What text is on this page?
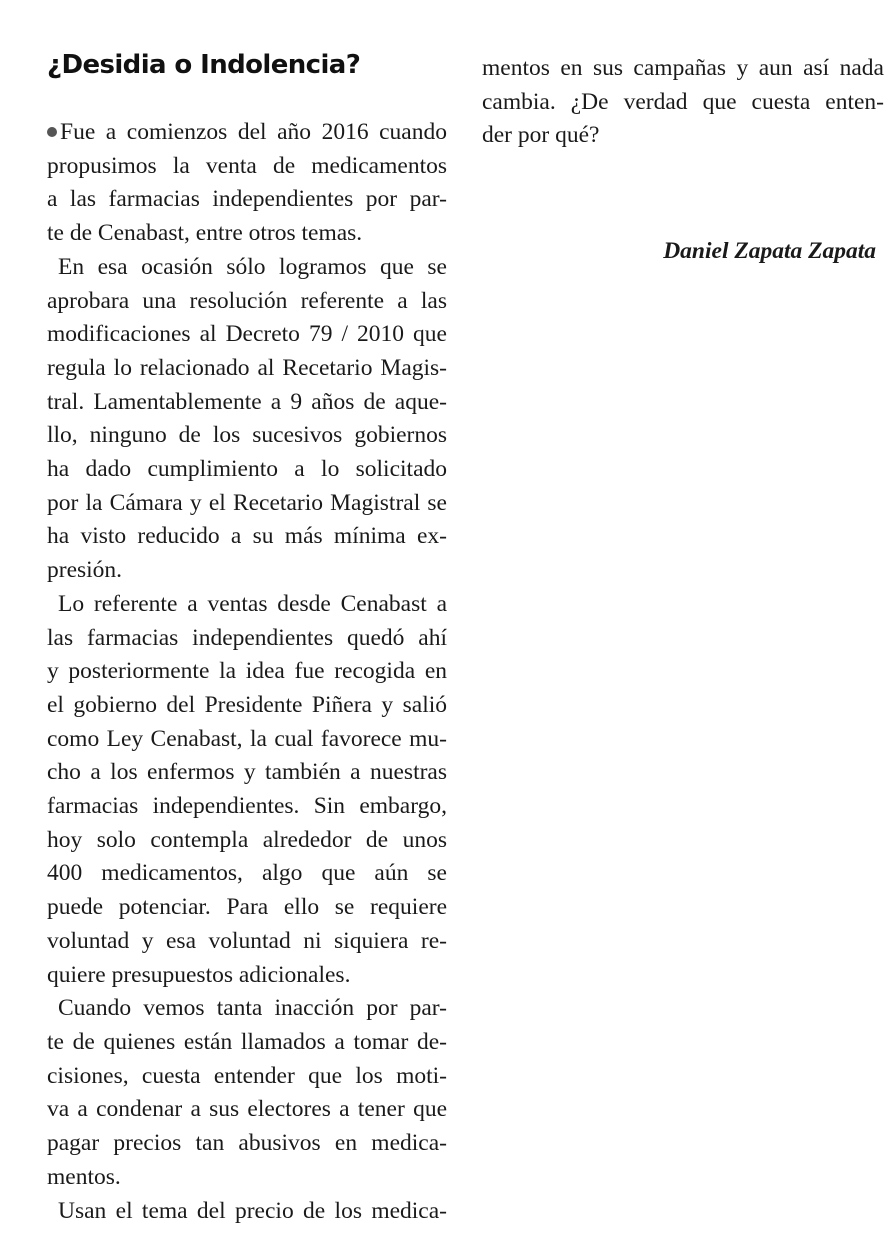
¿Desidia o Indolencia?
Fue a comienzos del año 2016 cuando
propusimos la venta de medicamentos
a las farmacias independientes por par-
te de Cenabast, entre otros temas.
En esa ocasión sólo logramos que se
aprobara una resolución referente a las
modificaciones al Decreto 79 / 2010 que
regula lo relacionado al Recetario Magis-
tral. Lamentablemente a 9 años de aque-
llo, ninguno de los sucesivos gobiernos
ha dado cumplimiento a lo solicitado
por la Cámara y el Recetario Magistral se
ha visto reducido a su más mínima ex-
presión.
Lo referente a ventas desde Cenabast a
las farmacias independientes quedó ahí
y posteriormente la idea fue recogida en
el gobierno del Presidente Piñera y salió
como Ley Cenabast, la cual favorece mu-
cho a los enfermos y también a nuestras
farmacias independientes. Sin embargo,
hoy solo contempla alrededor de unos
400 medicamentos, algo que aún se
puede potenciar. Para ello se requiere
voluntad y esa voluntad ni siquiera re-
quiere presupuestos adicionales.
Cuando vemos tanta inacción por par-
te de quienes están llamados a tomar de-
cisiones, cuesta entender que los moti-
va a condenar a sus electores a tener que
pagar precios tan abusivos en medica-
mentos.
Usan el tema del precio de los medica-
mentos en sus campañas y aun así nada
cambia. ¿De verdad que cuesta enten-
der por qué?

Daniel Zapata Zapata
